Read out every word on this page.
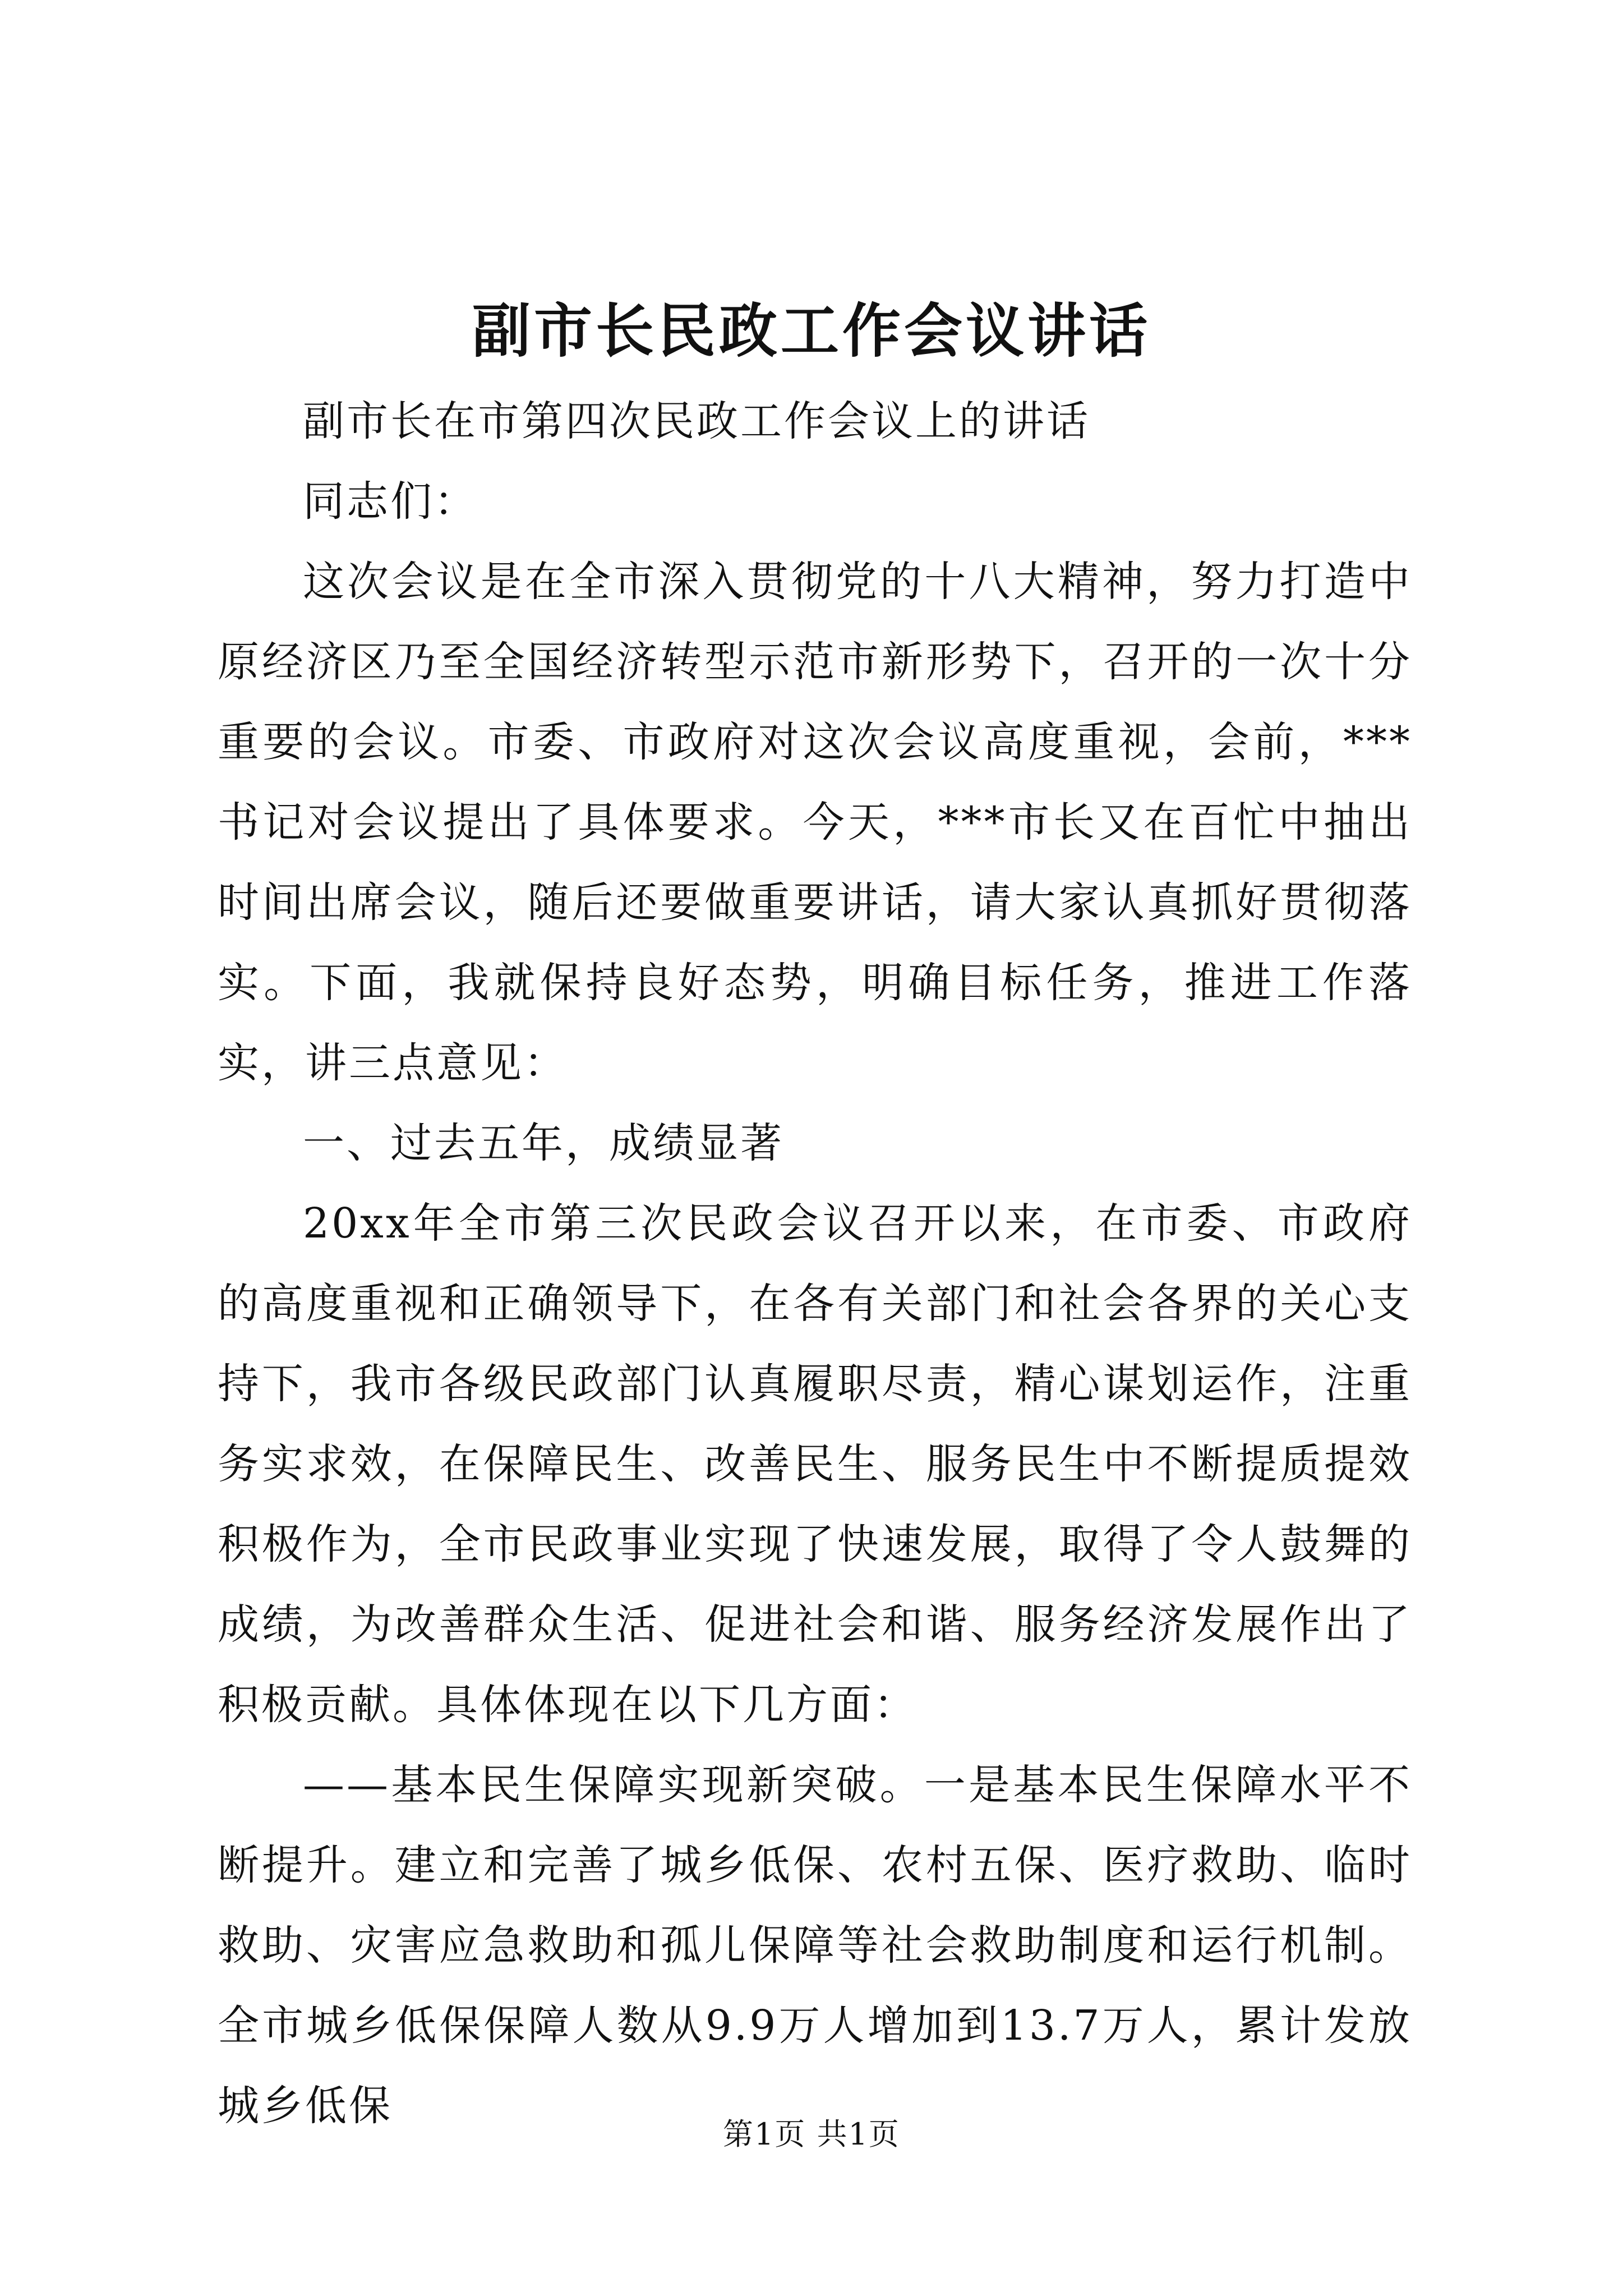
副市长民政工作会议讲话

副市长在市第四次民政工作会议上的讲话

同志们：

这次会议是在全市深入贯彻党的十八大精神，努力打造中原经济区乃至全国经济转型示范市新形势下，召开的一次十分重要的会议。市委、市政府对这次会议高度重视，会前，***书记对会议提出了具体要求。今天，***市长又在百忙中抽出时间出席会议，随后还要做重要讲话，请大家认真抓好贯彻落实。下面，我就保持良好态势，明确目标任务，推进工作落实，讲三点意见：

一、过去五年，成绩显著

20xx年全市第三次民政会议召开以来，在市委、市政府的高度重视和正确领导下，在各有关部门和社会各界的关心支持下，我市各级民政部门认真履职尽责，精心谋划运作，注重务实求效，在保障民生、改善民生、服务民生中不断提质提效积极作为，全市民政事业实现了快速发展，取得了令人鼓舞的成绩，为改善群众生活、促进社会和谐、服务经济发展作出了积极贡献。具体体现在以下几方面：

——基本民生保障实现新突破。一是基本民生保障水平不断提升。建立和完善了城乡低保、农村五保、医疗救助、临时救助、灾害应急救助和孤儿保障等社会救助制度和运行机制。全市城乡低保保障人数从9.9万人增加到13.7万人，累计发放城乡低保

第1页 共1页
